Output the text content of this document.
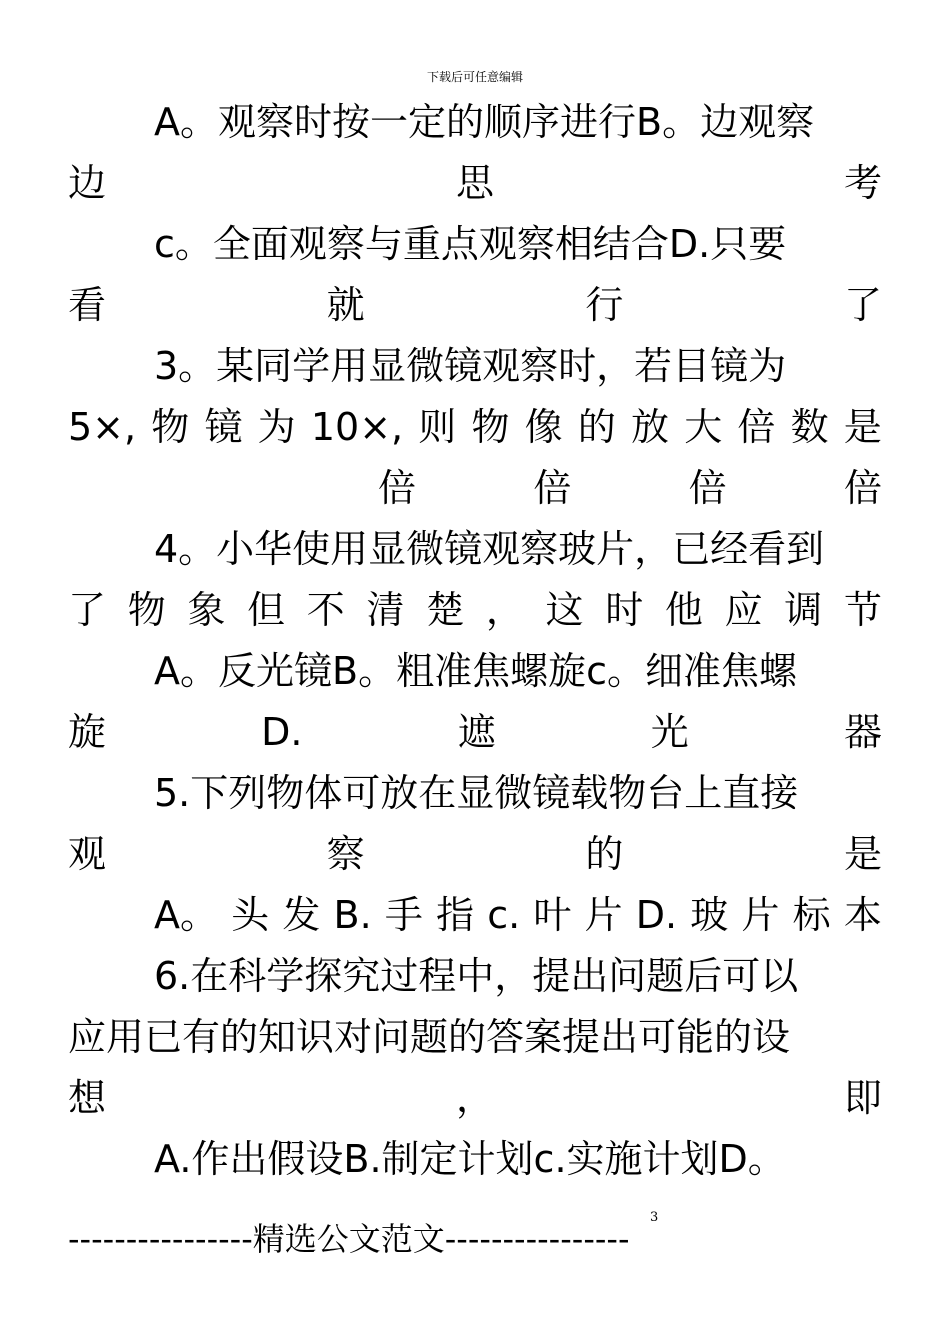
下载后可任意编辑
A。观察时按一定的顺序进行B。边观察
边	思	考
c。全面观察与重点观察相结合D.只要
看	就	行	了
3。某同学用显微镜观察时，若目镜为
5×, 物 镜 为 10×, 则 物 像 的 放 大 倍 数 是
倍	倍	倍	倍
4。小华使用显微镜观察玻片，已经看到
了 物 象 但 不 清 楚 ， 这 时 他 应 调 节
A。反光镜B。粗准焦螺旋c。细准焦螺
旋	D.	遮	光	器
5.下列物体可放在显微镜载物台上直接
观	察	的	是
A。 头 发 B. 手 指 c. 叶 片 D. 玻 片 标 本
6.在科学探究过程中，提出问题后可以
应用已有的知识对问题的答案提出可能的设
想	，	即
A.作出假设B.制定计划c.实施计划D。
3
----------------精选公文范文----------------
